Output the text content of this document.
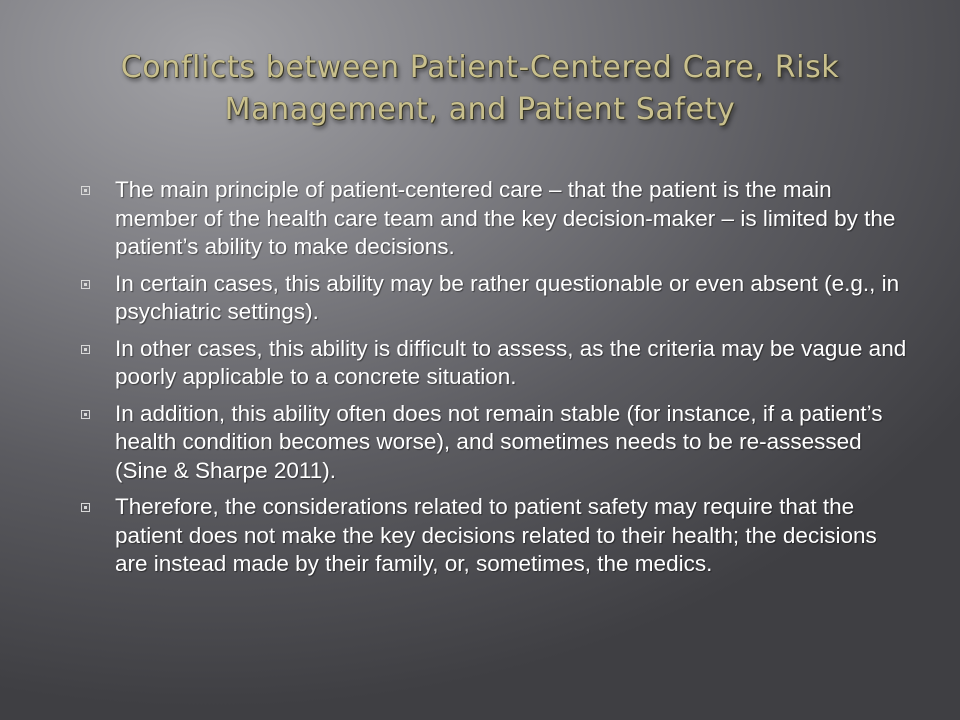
Conflicts between Patient-Centered Care, Risk
Management, and Patient Safety
The main principle of patient-centered care – that the patient is the main member of the health care team and the key decision-maker – is limited by the patient’s ability to make decisions.
In certain cases, this ability may be rather questionable or even absent (e.g., in psychiatric settings).
In other cases, this ability is difficult to assess, as the criteria may be vague and poorly applicable to a concrete situation.
In addition, this ability often does not remain stable (for instance, if a patient’s health condition becomes worse), and sometimes needs to be re-assessed (Sine & Sharpe 2011).
Therefore, the considerations related to patient safety may require that the patient does not make the key decisions related to their health; the decisions are instead made by their family, or, sometimes, the medics.
